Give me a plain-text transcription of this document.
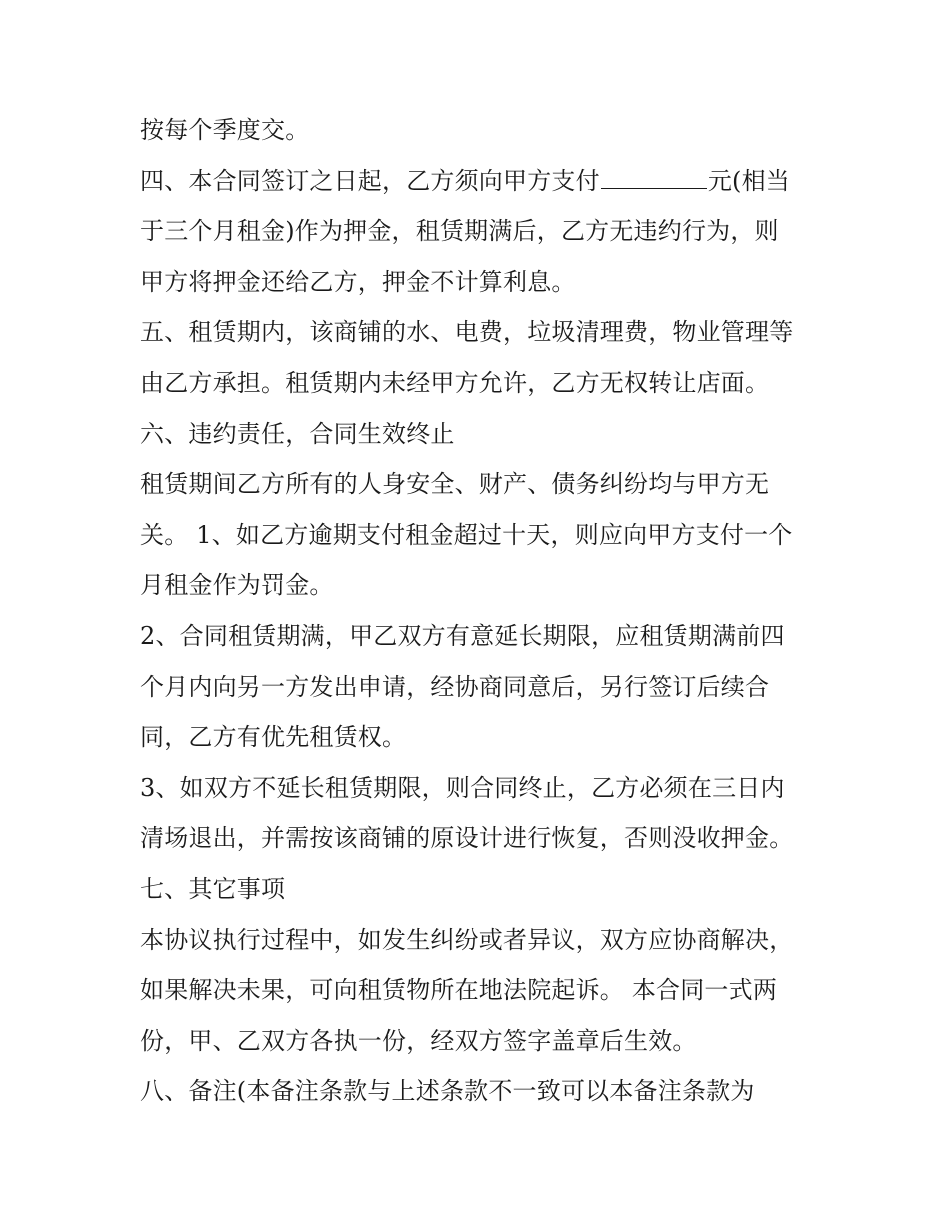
按每个季度交。
四、本合同签订之日起，乙方须向甲方支付	元(相当
于三个月租金)作为押金，租赁期满后，乙方无违约行为，则
甲方将押金还给乙方，押金不计算利息。
五、租赁期内，该商铺的水、电费，垃圾清理费，物业管理等
由乙方承担。租赁期内未经甲方允许，乙方无权转让店面。
六、违约责任，合同生效终止
租赁期间乙方所有的人身安全、财产、债务纠纷均与甲方无
关。 1、如乙方逾期支付租金超过十天，则应向甲方支付一个
月租金作为罚金。
2、合同租赁期满，甲乙双方有意延长期限，应租赁期满前四
个月内向另一方发出申请，经协商同意后，另行签订后续合
同，乙方有优先租赁权。
3、如双方不延长租赁期限，则合同终止，乙方必须在三日内
清场退出，并需按该商铺的原设计进行恢复，否则没收押金。
七、其它事项
本协议执行过程中，如发生纠纷或者异议，双方应协商解决，
如果解决未果，可向租赁物所在地法院起诉。 本合同一式两
份，甲、乙双方各执一份，经双方签字盖章后生效。
八、备注(本备注条款与上述条款不一致可以本备注条款为
